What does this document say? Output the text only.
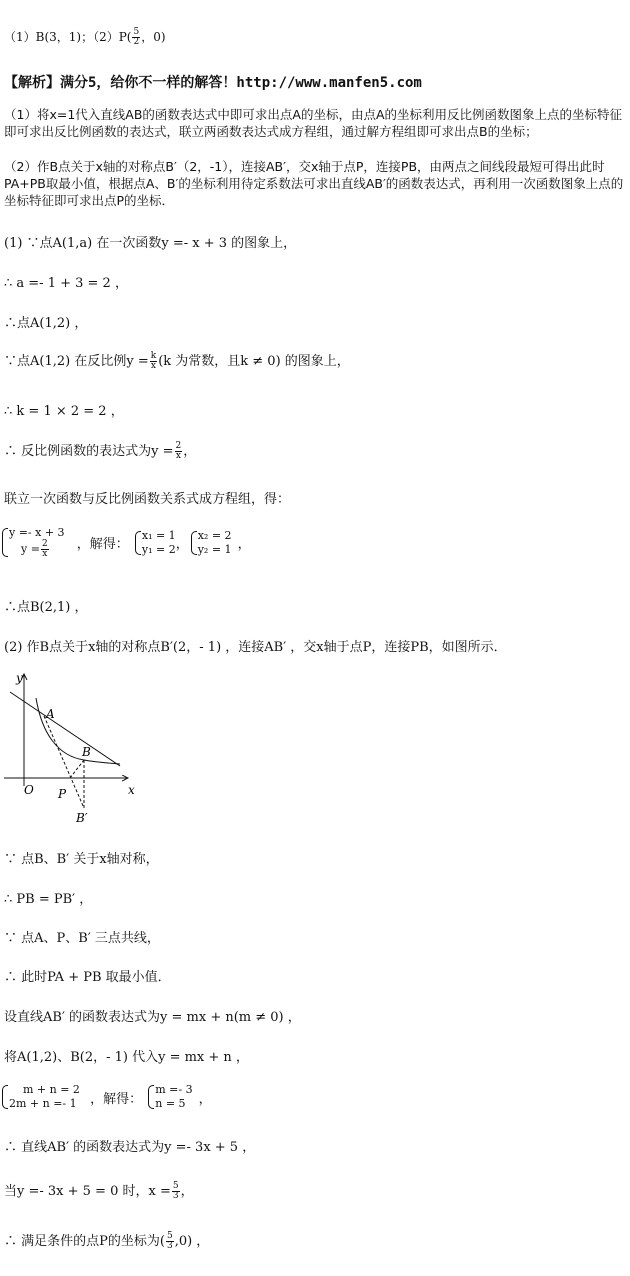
（1）B(3，1)；$(2)P( \frac{5}{2}$ ，0)
【解析】满分5，给你不一样的解答！http://www.manfen5.com
（1）将x=1代入直线AB的函数表达式中即可求出点A的坐标，由点A的坐标利用反比例函数图象上点的坐标特征即可求出反比例函数的表达式，联立两函数表达式成方程组，通过解方程组即可求出点B的坐标；
（2）作B点关于x轴的对称点B′（2，-1），连接AB′，交x轴于点P，连接PB，由两点之间线段最短可得出此时PA+PB取最小值，根据点A、B′的坐标利用待定系数法可求出直线AB′的函数表达式，再利用一次函数图象上点的坐标特征即可求出点P的坐标．
(1) ∵点A(1,a) 在一次函数y =- x + 3 的图象上，
∴ a =- 1 + 3 = 2 ，
∴点A(1,2) ，
∵点A(1,2) 在反比例$y = \frac{k}{x} (k$ 为常数，且k ≠ 0) 的图象上，
∴ k = 1 × 2 = 2 ，
∴ 反比例函数的表达式为$y = \frac{2}{x}$ ，
联立一次函数与反比例函数关系式成方程组，得：
y =- x + 3
$y = \frac{2}{x}$ ，解得：
x₁ = 1
y₁ = 2 ，
x₂ = 2
y₂ = 1 ，
∴点B(2,1) ，
(2) 作B点关于x轴的对称点B′(2，- 1) ，连接AB′ ，交x轴于点P，连接PB，如图所示．
y
x
O
A
B
P
B′
∵ 点B、B′ 关于x轴对称，
∴ PB = PB′ ，
∵ 点A、P、B′ 三点共线，
∴ 此时PA + PB 取最小值．
设直线AB′ 的函数表达式为y = mx + n(m ≠ 0) ，
将A(1,2)、B(2，- 1) 代入y = mx + n ，
m + n = 2
2m + n =- 1 ，解得：
m =- 3
n = 5	，
∴ 直线AB′ 的函数表达式为y =- 3x + 5 ，
当y =- 3x + 5 = 0 时，$x = \frac{5}{3}$ ，
∴ 满足条件的点P的坐标为( $\frac{5}{3} ,0$) ，
